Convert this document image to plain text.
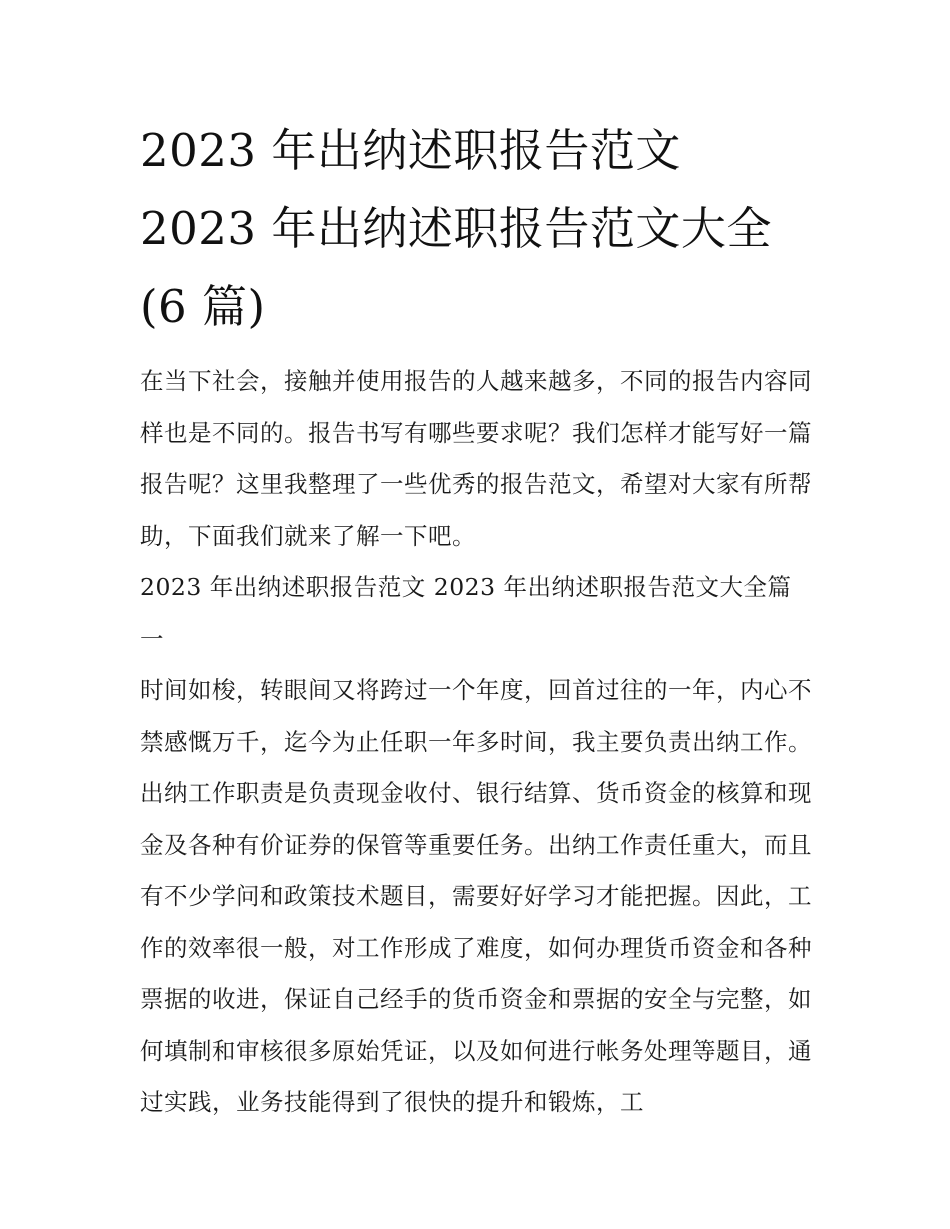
2023 年出纳述职报告范文
2023 年出纳述职报告范文大全
(6 篇)

在当下社会，接触并使用报告的人越来越多，不同的报告内容同样也是不同的。报告书写有哪些要求呢？我们怎样才能写好一篇报告呢？这里我整理了一些优秀的报告范文，希望对大家有所帮助，下面我们就来了解一下吧。

2023 年出纳述职报告范文 2023 年出纳述职报告范文大全篇一

时间如梭，转眼间又将跨过一个年度，回首过往的一年，内心不禁感慨万千，迄今为止任职一年多时间，我主要负责出纳工作。

出纳工作职责是负责现金收付、银行结算、货币资金的核算和现金及各种有价证券的保管等重要任务。出纳工作责任重大，而且有不少学问和政策技术题目，需要好好学习才能把握。因此，工作的效率很一般，对工作形成了难度，如何办理货币资金和各种票据的收进，保证自己经手的货币资金和票据的安全与完整，如何填制和审核很多原始凭证，以及如何进行帐务处理等题目，通过实践，业务技能得到了很快的提升和锻炼，工
